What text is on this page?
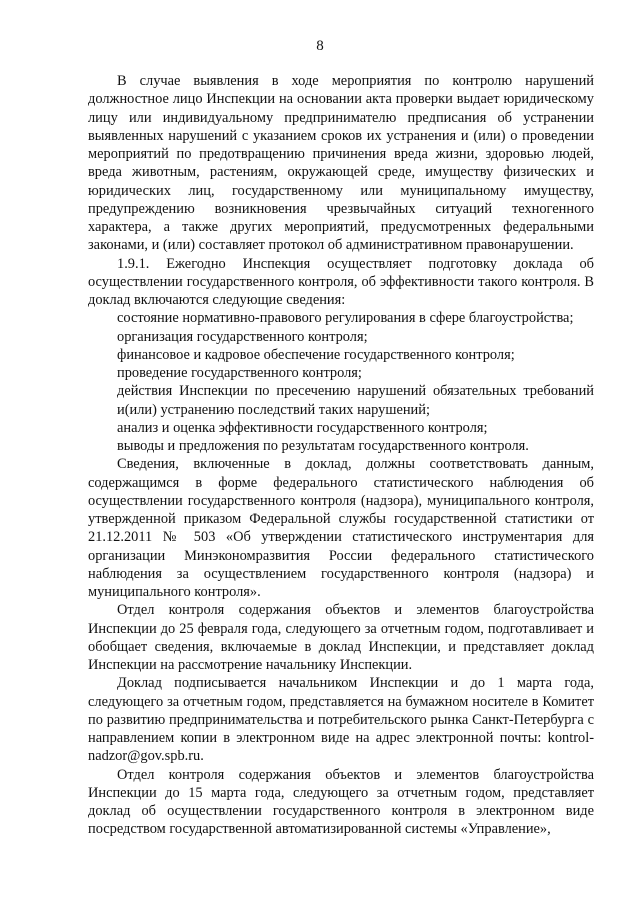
8

В случае выявления в ходе мероприятия по контролю нарушений должностное лицо Инспекции на основании акта проверки выдает юридическому лицу или индивидуальному предпринимателю предписания об устранении выявленных нарушений с указанием сроков их устранения и (или) о проведении мероприятий по предотвращению причинения вреда жизни, здоровью людей, вреда животным, растениям, окружающей среде, имуществу физических и юридических лиц, государственному или муниципальному имуществу, предупреждению возникновения чрезвычайных ситуаций техногенного характера, а также других мероприятий, предусмотренных федеральными законами, и (или) составляет протокол об административном правонарушении.

1.9.1. Ежегодно Инспекция осуществляет подготовку доклада об осуществлении государственного контроля, об эффективности такого контроля. В доклад включаются следующие сведения:

состояние нормативно-правового регулирования в сфере благоустройства;

организация государственного контроля;

финансовое и кадровое обеспечение государственного контроля;

проведение государственного контроля;

действия Инспекции по пресечению нарушений обязательных требований и(или) устранению последствий таких нарушений;

анализ и оценка эффективности государственного контроля;

выводы и предложения по результатам государственного контроля.

Сведения, включенные в доклад, должны соответствовать данным, содержащимся в форме федерального статистического наблюдения об осуществлении государственного контроля (надзора), муниципального контроля, утвержденной приказом Федеральной службы государственной статистики от 21.12.2011 № 503 «Об утверждении статистического инструментария для организации Минэкономразвития России федерального статистического наблюдения за осуществлением государственного контроля (надзора) и муниципального контроля».

Отдел контроля содержания объектов и элементов благоустройства Инспекции до 25 февраля года, следующего за отчетным годом, подготавливает и обобщает сведения, включаемые в доклад Инспекции, и представляет доклад Инспекции на рассмотрение начальнику Инспекции.

Доклад подписывается начальником Инспекции и до 1 марта года, следующего за отчетным годом, представляется на бумажном носителе в Комитет по развитию предпринимательства и потребительского рынка Санкт-Петербурга с направлением копии в электронном виде на адрес электронной почты: kontrol-nadzor@gov.spb.ru.

Отдел контроля содержания объектов и элементов благоустройства Инспекции до 15 марта года, следующего за отчетным годом, представляет доклад об осуществлении государственного контроля в электронном виде посредством государственной автоматизированной системы «Управление»,
